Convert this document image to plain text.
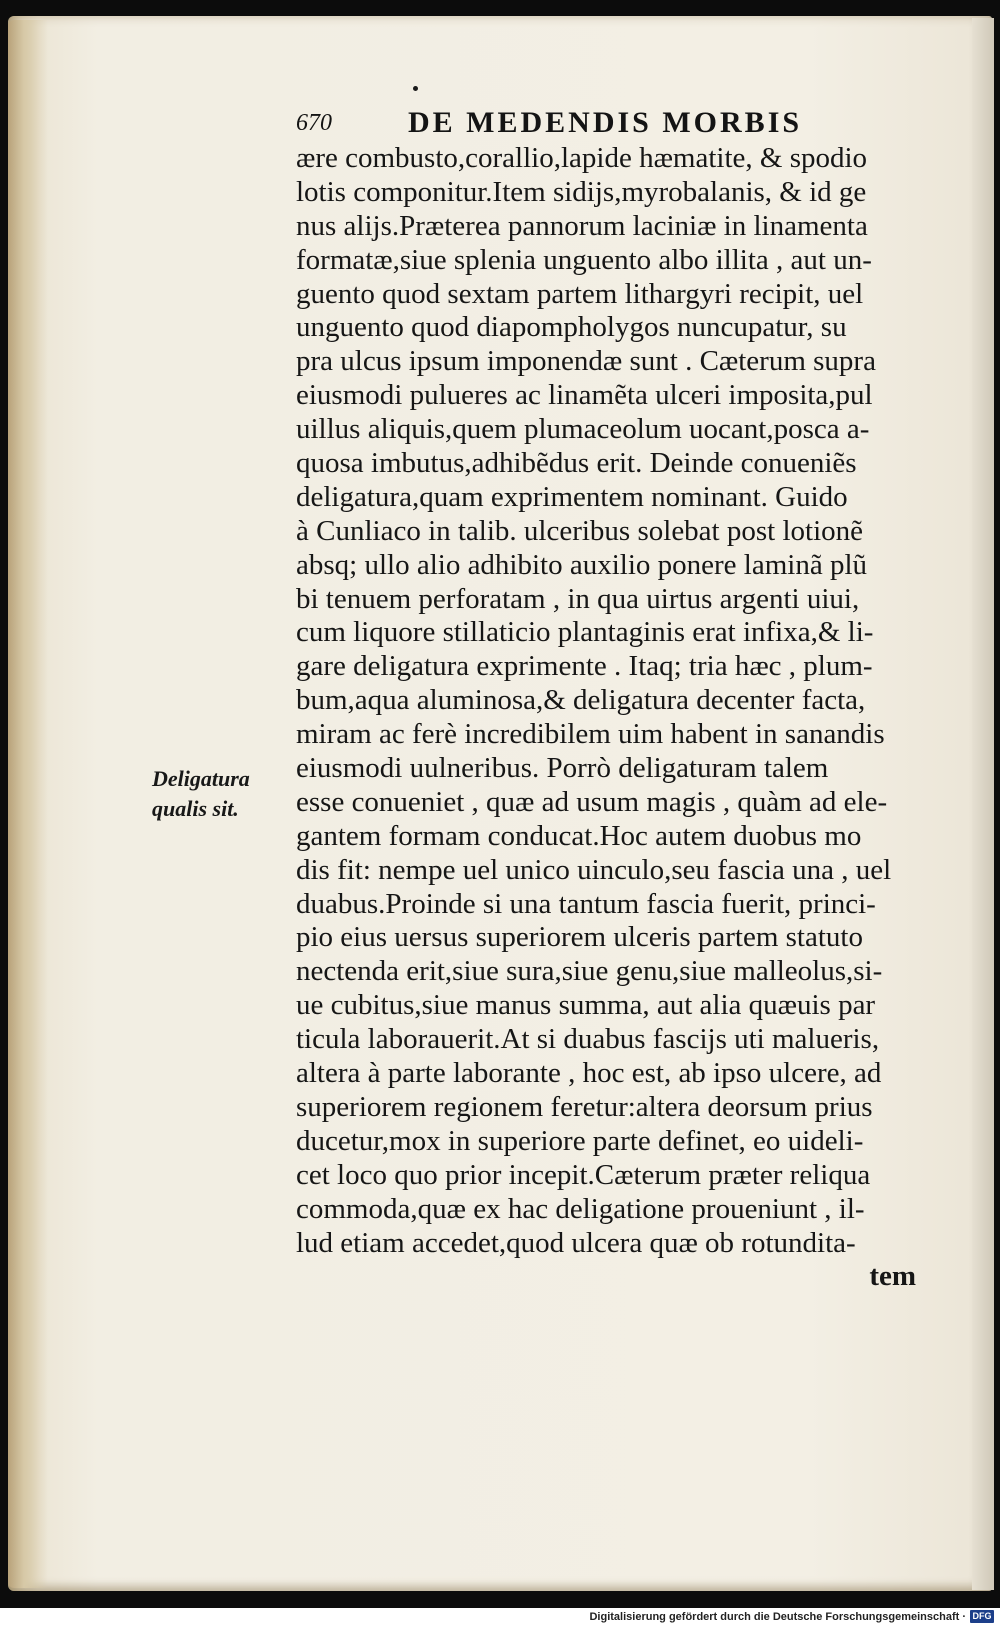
670	DE MEDENDIS MORBIS
Deligatura
qualis sit.
ære combusto,corallio,lapide hæmatite, & spodio
lotis componitur.Item sidijs,myrobalanis, & id ge
nus alijs.Præterea pannorum laciniæ in linamenta
formatæ,siue splenia unguento albo illita , aut un-
guento quod sextam partem lithargyri recipit, uel
unguento quod diapompholygos nuncupatur, su
pra ulcus ipsum imponendæ sunt . Cæterum supra
eiusmodi pulueres ac linamẽta ulceri imposita,pul
uillus aliquis,quem plumaceolum uocant,posca a-
quosa imbutus,adhibẽdus erit. Deinde conueniẽs
deligatura,quam exprimentem nominant. Guido
à Cunliaco in talib. ulceribus solebat post lotionẽ
absq; ullo alio adhibito auxilio ponere laminã plũ
bi tenuem perforatam , in qua uirtus argenti uiui,
cum liquore stillaticio plantaginis erat infixa,& li-
gare deligatura exprimente . Itaq; tria hæc , plum-
bum,aqua aluminosa,& deligatura decenter facta,
miram ac ferè incredibilem uim habent in sanandis
eiusmodi uulneribus. Porrò deligaturam talem
esse conueniet , quæ ad usum magis , quàm ad ele-
gantem formam conducat.Hoc autem duobus mo
dis fit: nempe uel unico uinculo,seu fascia una , uel
duabus.Proinde si una tantum fascia fuerit, princi-
pio eius uersus superiorem ulceris partem statuto
nectenda erit,siue sura,siue genu,siue malleolus,si-
ue cubitus,siue manus summa, aut alia quæuis par
ticula laborauerit.At si duabus fascijs uti malueris,
altera à parte laborante , hoc est, ab ipso ulcere, ad
superiorem regionem feretur:altera deorsum prius
ducetur,mox in superiore parte definet, eo uideli-
cet loco quo prior incepit.Cæterum præter reliqua
commoda,quæ ex hac deligatione proueniunt , il-
lud etiam accedet,quod ulcera quæ ob rotundita-
tem
Digitalisierung gefördert durch die Deutsche Forschungsgemeinschaft · DFG
